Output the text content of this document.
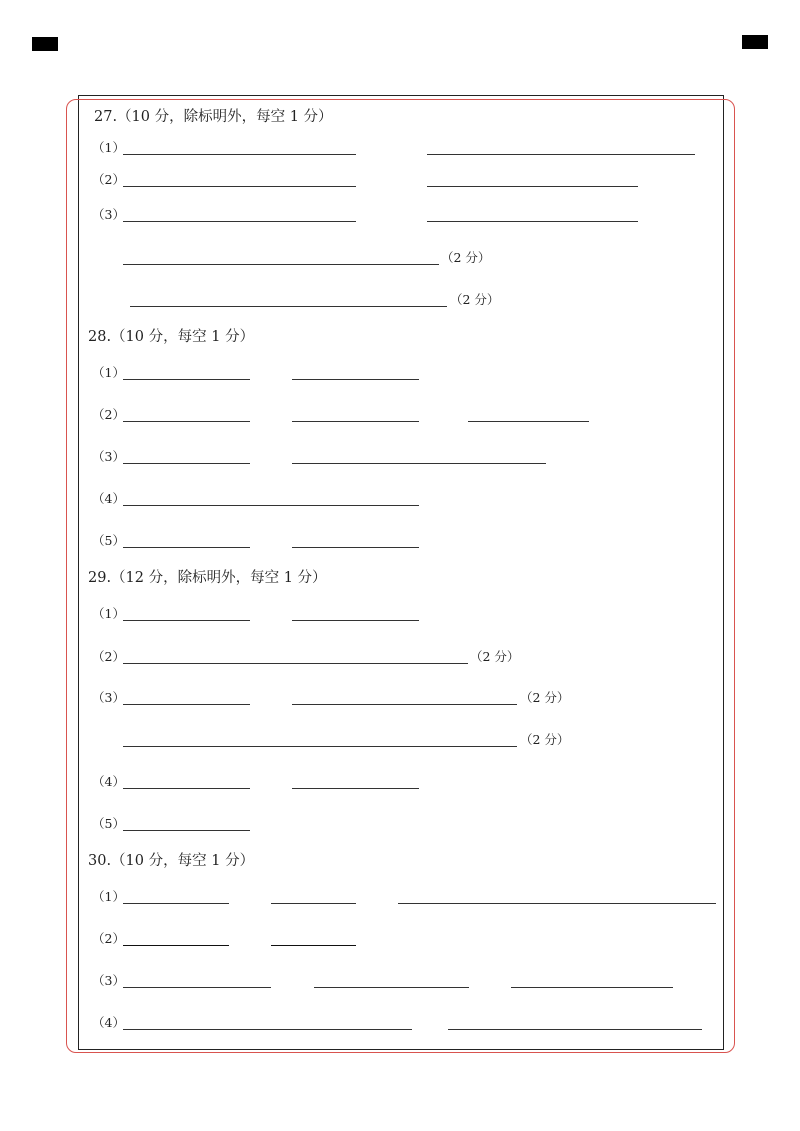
27.（10 分，除标明外，每空 1 分）
（1）
（2）
（3）
（2 分）
（2 分）
28.（10 分，每空 1 分）
（1）
（2）
（3）
（4）
（5）
29.（12 分，除标明外，每空 1 分）
（1）
（2）	（2 分）
（3）	（2 分）
（2 分）
（4）
（5）
30.（10 分，每空 1 分）
（1）
（2）
（3）
（4）
